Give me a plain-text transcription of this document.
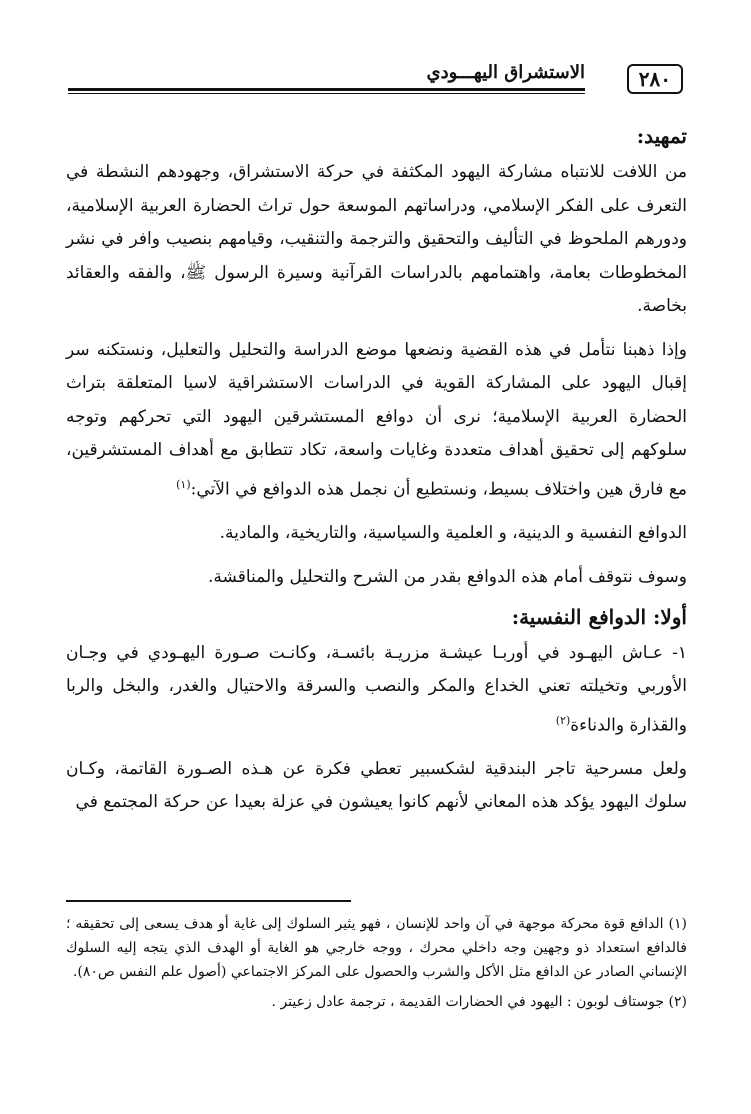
٢٨٠
الاستشراق اليهـــودي
تمهيد:

من اللافت للانتباه مشاركة اليهود المكثفة في حركة الاستشراق، وجهودهم النشطة في التعرف على الفكر الإسلامي، ودراساتهم الموسعة حول تراث الحضارة العربية الإسلامية، ودورهم الملحوظ في التأليف والتحقيق والترجمة والتنقيب، وقيامهم بنصيب وافر في نشر المخطوطات بعامة، واهتمامهم بالدراسات القرآنية وسيرة الرسول ﷺ، والفقه والعقائد بخاصة.

وإذا ذهبنا نتأمل في هذه القضية ونضعها موضع الدراسة والتحليل والتعليل، ونستكنه سر إقبال اليهود على المشاركة القوية في الدراسات الاستشراقية لاسيا المتعلقة بتراث الحضارة العربية الإسلامية؛ نرى أن دوافع المستشرقين اليهود التي تحركهم وتوجه سلوكهم إلى تحقيق أهداف متعددة وغايات واسعة، تكاد تتطابق مع أهداف المستشرقين، مع فارق هين واختلاف بسيط، ونستطيع أن نجمل هذه الدوافع في الآتي:$^{(١)}$

الدوافع النفسية و الدينية، و العلمية والسياسية، والتاريخية، والمادية.

وسوف نتوقف أمام هذه الدوافع بقدر من الشرح والتحليل والمناقشة.

أولا: الدوافع النفسية:

١- عـاش اليهـود في أوربـا عيشـة مزريـة بائسـة، وكانـت صـورة اليهـودي في وجـان الأوربي وتخيلته تعني الخداع والمكر والنصب والسرقة والاحتيال والغدر، والبخل والربا والقذارة والدناءة$^{(٢)}$

ولعل مسرحية تاجر البندقية لشكسبير تعطي فكرة عن هـذه الصـورة القاتمة، وكـان سلوك اليهود يؤكد هذه المعاني لأنهم كانوا يعيشون في عزلة بعيدا عن حركة المجتمع في

(١) الدافع قوة محركة موجهة في آن واحد للإنسان ، فهو يثير السلوك إلى غاية أو هدف يسعى إلى تحقيقه ؛ فالدافع استعداد ذو وجهين وجه داخلي محرك ، ووجه خارجي هو الغاية أو الهدف الذي يتجه إليه السلوك الإنساني الصادر عن الدافع مثل الأكل والشرب والحصول على المركز الاجتماعي (أصول علم النفس ص٨٠).

(٢) جوستاف لوبون : اليهود في الحضارات القديمة ، ترجمة عادل زعيتر .
